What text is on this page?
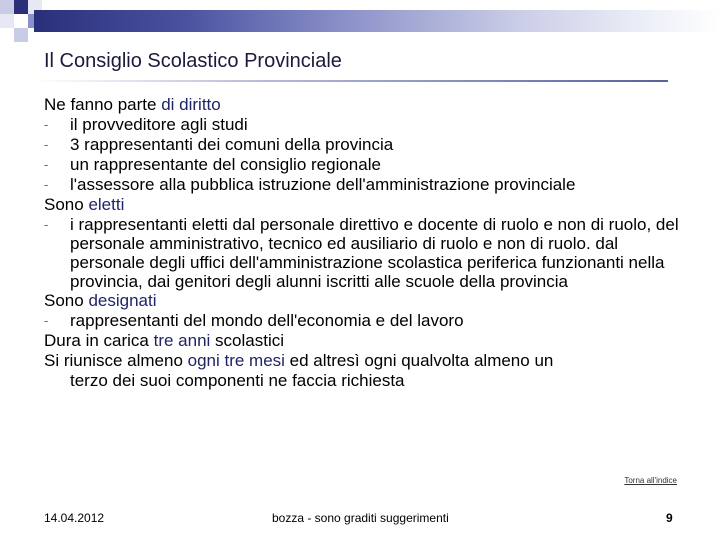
Il Consiglio Scolastico Provinciale

Ne fanno parte di diritto

- il provveditore agli studi
- 3 rappresentanti dei comuni della provincia
- un rappresentante del consiglio regionale
- l'assessore alla pubblica istruzione dell'amministrazione provinciale

Sono eletti

- i rappresentanti eletti dal personale direttivo e docente di ruolo e non di ruolo, del personale amministrativo, tecnico ed ausiliario di ruolo e non di ruolo. dal personale degli uffici dell'amministrazione scolastica periferica funzionanti nella provincia, dai genitori degli alunni iscritti alle scuole della provincia

Sono designati

- rappresentanti del mondo dell'economia e del lavoro

Dura in carica tre anni scolastici

Si riunisce almeno ogni tre mesi ed altresì ogni qualvolta almeno un

terzo dei suoi componenti ne faccia richiesta

Torna all'indice
14.04.2012	bozza - sono graditi suggerimenti	9
